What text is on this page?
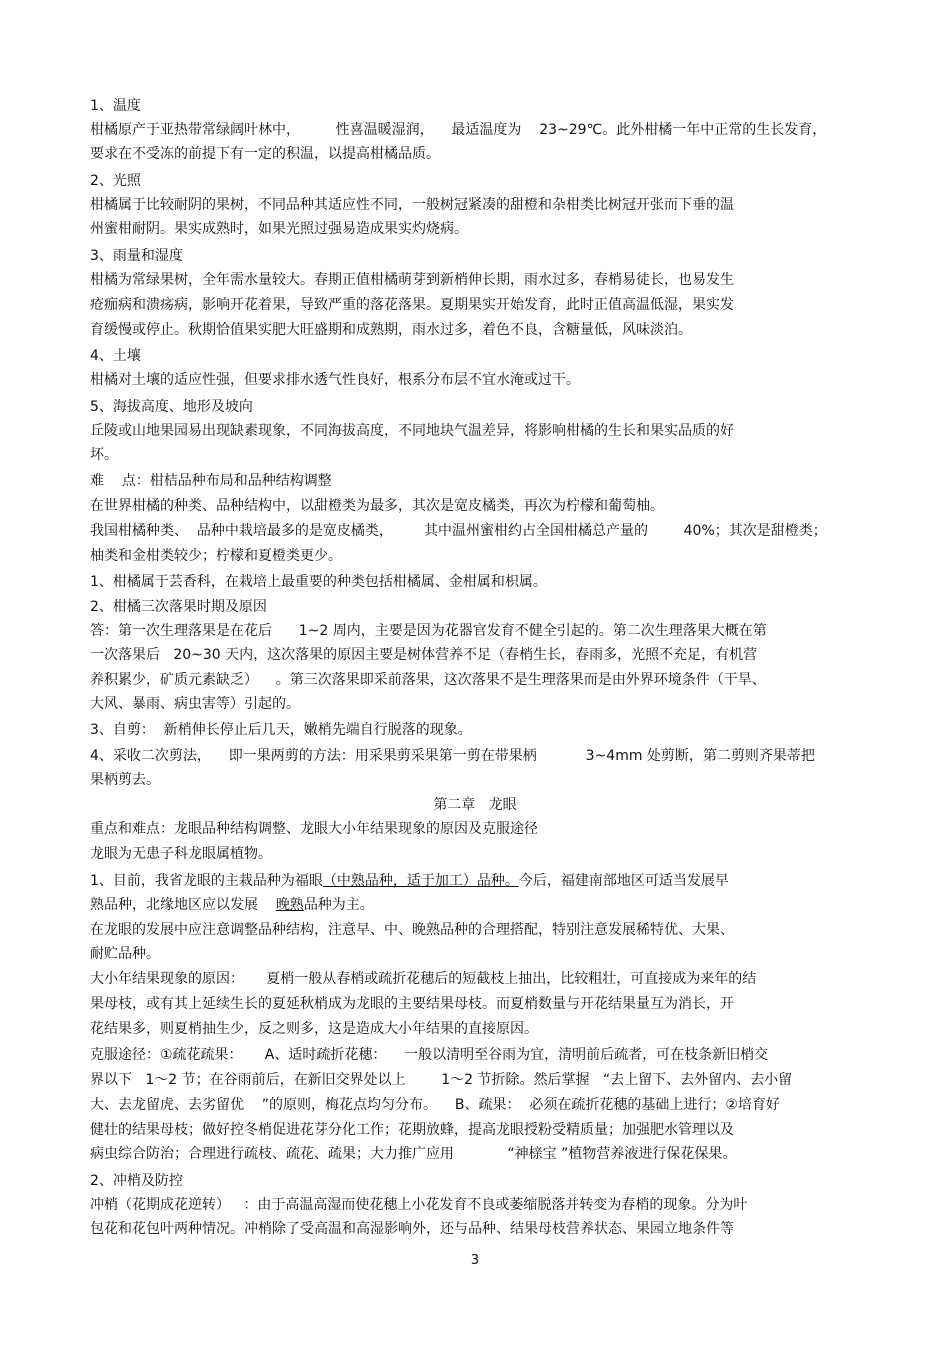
1、温度
柑橘原产于亚热带常绿阔叶林中，        性喜温暖湿润，    最适温度为    23~29℃。此外柑橘一年中正常的生长发育，
要求在不受冻的前提下有一定的积温，以提高柑橘品质。
2、光照
柑橘属于比较耐阴的果树，不同品种其适应性不同，一般树冠紧凑的甜橙和杂柑类比树冠开张而下垂的温
州蜜柑耐阴。果实成熟时，如果光照过强易造成果实灼烧病。
3、雨量和湿度
柑橘为常绿果树，全年需水量较大。春期正值柑橘萌芽到新梢伸长期，雨水过多，春梢易徒长，也易发生
疮痂病和溃疡病，影响开花着果，导致严重的落花落果。夏期果实开始发育，此时正值高温低湿，果实发
育缓慢或停止。秋期恰值果实肥大旺盛期和成熟期，雨水过多，着色不良，含糖量低，风味淡泊。
4、土壤
柑橘对土壤的适应性强，但要求排水透气性良好，根系分布层不宜水淹或过干。
5、海拔高度、地形及坡向
丘陵或山地果园易出现缺素现象，不同海拔高度，不同地块气温差异，将影响柑橘的生长和果实品质的好
坏。
难    点：柑桔品种布局和品种结构调整
在世界柑橘的种类、品种结构中，以甜橙类为最多，其次是宽皮橘类，再次为柠檬和葡萄柚。
我国柑橘种类、  品种中栽培最多的是宽皮橘类，       其中温州蜜柑约占全国柑橘总产量的        40%；其次是甜橙类；
柚类和金柑类较少；柠檬和夏橙类更少。
1、柑橘属于芸香科，在栽培上最重要的种类包括柑橘属、金柑属和枳属。
2、柑橘三次落果时期及原因
答：第一次生理落果是在花后      1~2 周内，主要是因为花器官发育不健全引起的。第二次生理落果大概在第
一次落果后   20~30 天内，这次落果的原因主要是树体营养不足（春梢生长，春雨多，光照不充足，有机营
养积累少，矿质元素缺乏）    。第三次落果即采前落果，这次落果不是生理落果而是由外界环境条件（干旱、
大风、暴雨、病虫害等）引起的。
3、自剪：  新梢伸长停止后几天，嫩梢先端自行脱落的现象。
4、采收二次剪法，    即一果两剪的方法：用采果剪采果第一剪在带果柄           3~4mm 处剪断，第二剪则齐果蒂把
果柄剪去。
第二章   龙眼
重点和难点：龙眼品种结构调整、龙眼大小年结果现象的原因及克服途径
龙眼为无患子科龙眼属植物。
1、目前，我省龙眼的主栽品种为福眼（中熟品种，适于加工）品种。今后，福建南部地区可适当发展早
熟品种，北缘地区应以发展 晚熟品种为主。
在龙眼的发展中应注意调整品种结构，注意早、中、晚熟品种的合理搭配，特别注意发展稀特优、大果、
耐贮品种。
大小年结果现象的原因：     夏梢一般从春梢或疏折花穗后的短截枝上抽出，比较粗壮，可直接成为来年的结
果母枝，或有其上延续生长的夏延秋梢成为龙眼的主要结果母枝。而夏梢数量与开花结果量互为消长，开
花结果多，则夏梢抽生少，反之则多，这是造成大小年结果的直接原因。
克服途径：①疏花疏果：     A、适时疏折花穗：    一般以清明至谷雨为宜，清明前后疏者，可在枝条新旧梢交
界以下   1～2 节；在谷雨前后，在新旧交界处以上        1～2 节折除。然后掌握   “去上留下、去外留内、去小留
大、去龙留虎、去劣留优    ”的原则，梅花点均匀分布。    B、疏果：  必须在疏折花穗的基础上进行；②培育好
健壮的结果母枝；做好控冬梢促进花芽分化工作；花期放蜂，提高龙眼授粉受精质量；加强肥水管理以及
病虫综合防治；合理进行疏枝、疏花、疏果；大力推广应用            “神榇宝 ”植物营养液进行保花保果。
2、冲梢及防控
冲梢（花期成花逆转）   ：由于高温高湿而使花穗上小花发育不良或萎缩脱落并转变为春梢的现象。分为叶
包花和花包叶两种情况。冲梢除了受高温和高湿影响外，还与品种、结果母枝营养状态、果园立地条件等
3
